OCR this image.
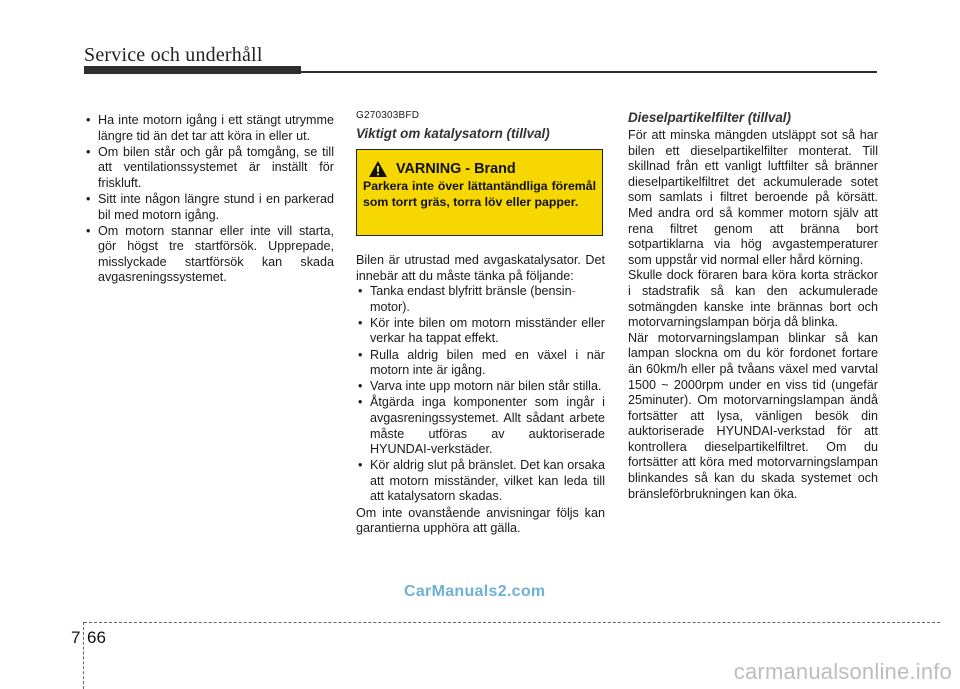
Service och underhåll
• Ha inte motorn igång i ett stängt utrymme längre tid än det tar att köra in eller ut.
• Om bilen står och går på tomgång, se till att ventilationssystemet är inställt för friskluft.
• Sitt inte någon längre stund i en parkerad bil med motorn igång.
• Om motorn stannar eller inte vill starta, gör högst tre startförsök. Upprepade, misslyckade startförsök kan skada avgasreningssystemet.
G270303BFD
Viktigt om katalysatorn (tillval)
VARNING - Brand
Parkera inte över lättantändliga föremål som torrt gräs, torra löv eller papper.

Bilen är utrustad med avgaskatalysator. Det innebär att du måste tänka på följande:

• Tanka endast blyfritt bränsle (bensin-
motor).
• Kör inte bilen om motorn misständer eller verkar ha tappat effekt.
• Rulla aldrig bilen med en växel i när motorn inte är igång.
• Varva inte upp motorn när bilen står stilla.
• Åtgärda inga komponenter som ingår i avgasreningssystemet. Allt sådant arbete måste utföras av auktoriserade HYUNDAI-verkstäder.
• Kör aldrig slut på bränslet. Det kan orsaka att motorn misständer, vilket kan leda till att katalysatorn skadas.

Om inte ovanstående anvisningar följs kan garantierna upphöra att gälla.

Dieselpartikelfilter (tillval)

För att minska mängden utsläppt sot så har bilen ett dieselpartikelfilter monterat. Till skillnad från ett vanligt luftfilter så bränner dieselpartikelfiltret det ackumulerade sotet som samlats i filtret beroende på körsätt. Med andra ord så kommer motorn själv att rena filtret genom att bränna bort sotpartiklarna via hög avgastemperaturer som uppstår vid normal eller hård körning.

Skulle dock föraren bara köra korta sträckor i stadstrafik så kan den ackumulerade sotmängden kanske inte brännas bort och motorvarningslampan börja då blinka.

När motorvarningslampan blinkar så kan lampan slockna om du kör fordonet fortare än 60km/h eller på tvåans växel med varvtal 1500 ~ 2000rpm under en viss tid (ungefär 25minuter). Om motorvarningslampan ändå fortsätter att lysa, vänligen besök din auktoriserade HYUNDAI-verkstad för att kontrollera dieselpartikelfiltret. Om du fortsätter att köra med motorvarningslampan blinkandes så kan du skada systemet och bränsleförbrukningen kan öka.

CarManuals2.com
7 66
carmanualsonline.info
